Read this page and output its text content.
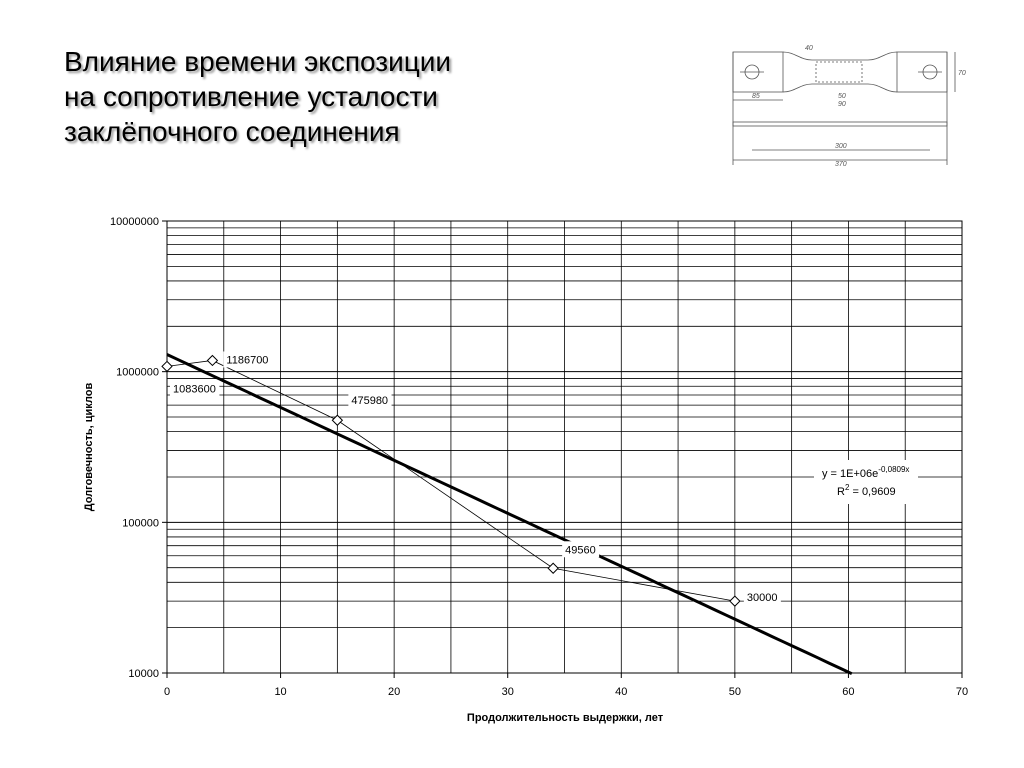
Влияние времени экспозиции
на сопротивление усталости
заклёпочного соединения
85
40
50
90
300
370
70
0	10	20	30	40	50	60	70
10000
100000
1000000
10000000
1083600
1186700
475980
49560
30000
$y = 1E+06e^{-0,0809x}$
$R^2 = 0,9609$
Продолжительность выдержки, лет
Долговечность, циклов
